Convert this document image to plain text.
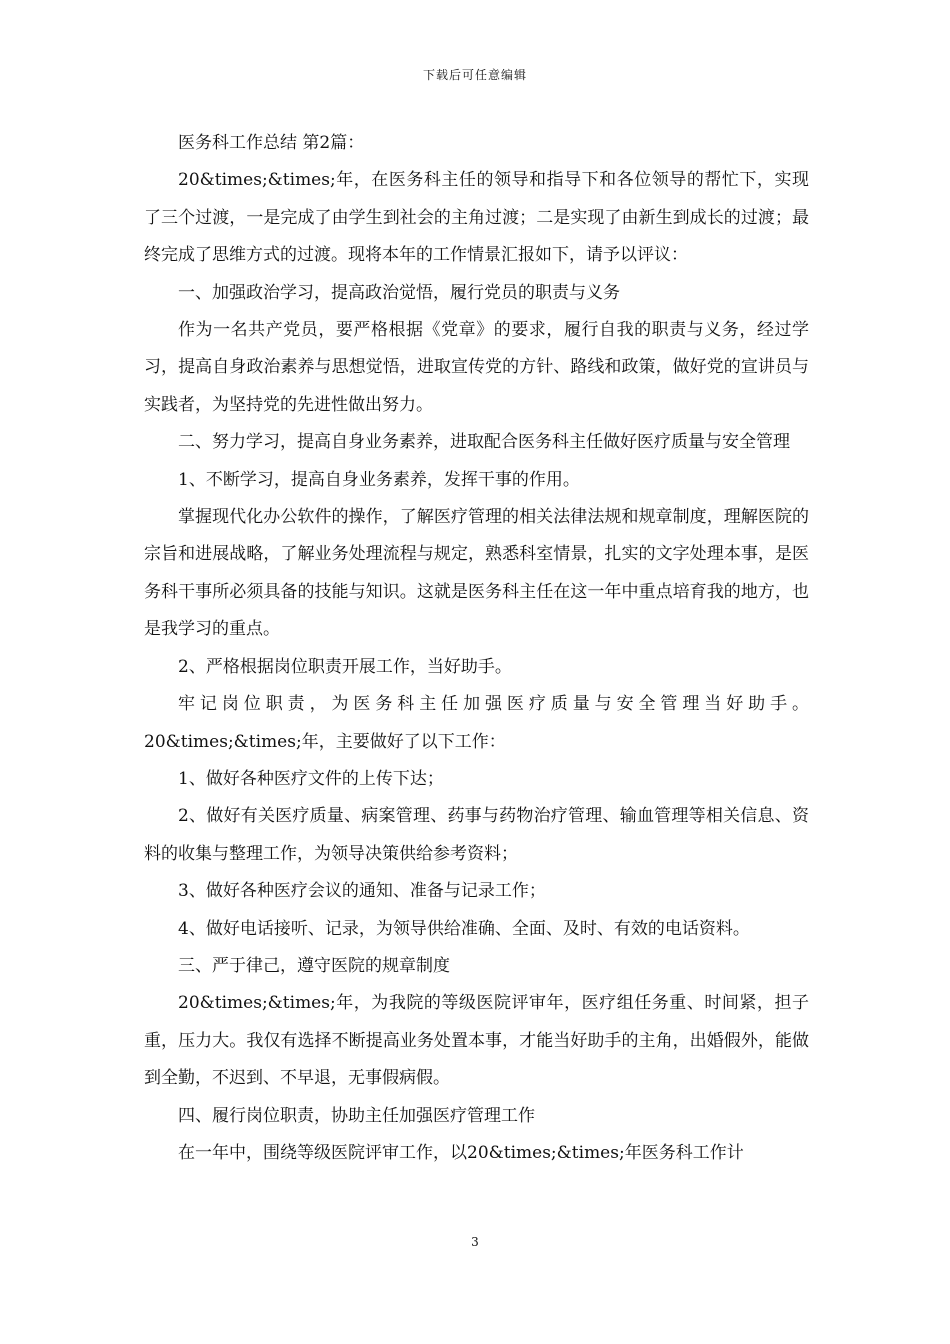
下载后可任意编辑

医务科工作总结 第2篇：

20&times;&times;年，在医务科主任的领导和指导下和各位领导的帮忙下，实现了三个过渡，一是完成了由学生到社会的主角过渡；二是实现了由新生到成长的过渡；最终完成了思维方式的过渡。现将本年的工作情景汇报如下，请予以评议：

一、加强政治学习，提高政治觉悟，履行党员的职责与义务

作为一名共产党员，要严格根据《党章》的要求，履行自我的职责与义务，经过学习，提高自身政治素养与思想觉悟，进取宣传党的方针、路线和政策，做好党的宣讲员与实践者，为坚持党的先进性做出努力。

二、努力学习，提高自身业务素养，进取配合医务科主任做好医疗质量与安全管理

1、不断学习，提高自身业务素养，发挥干事的作用。

掌握现代化办公软件的操作，了解医疗管理的相关法律法规和规章制度，理解医院的宗旨和进展战略，了解业务处理流程与规定，熟悉科室情景，扎实的文字处理本事，是医务科干事所必须具备的技能与知识。这就是医务科主任在这一年中重点培育我的地方，也是我学习的重点。

2、严格根据岗位职责开展工作，当好助手。

牢记岗位职责，为医务科主任加强医疗质量与安全管理当好助手。

20&times;&times;年，主要做好了以下工作：

1、做好各种医疗文件的上传下达；

2、做好有关医疗质量、病案管理、药事与药物治疗管理、输血管理等相关信息、资料的收集与整理工作，为领导决策供给参考资料；

3、做好各种医疗会议的通知、准备与记录工作；

4、做好电话接听、记录，为领导供给准确、全面、及时、有效的电话资料。

三、严于律己，遵守医院的规章制度

20&times;&times;年，为我院的等级医院评审年，医疗组任务重、时间紧，担子重，压力大。我仅有选择不断提高业务处置本事，才能当好助手的主角，出婚假外，能做到全勤，不迟到、不早退，无事假病假。

四、履行岗位职责，协助主任加强医疗管理工作

在一年中，围绕等级医院评审工作，以20&times;&times;年医务科工作计

3
